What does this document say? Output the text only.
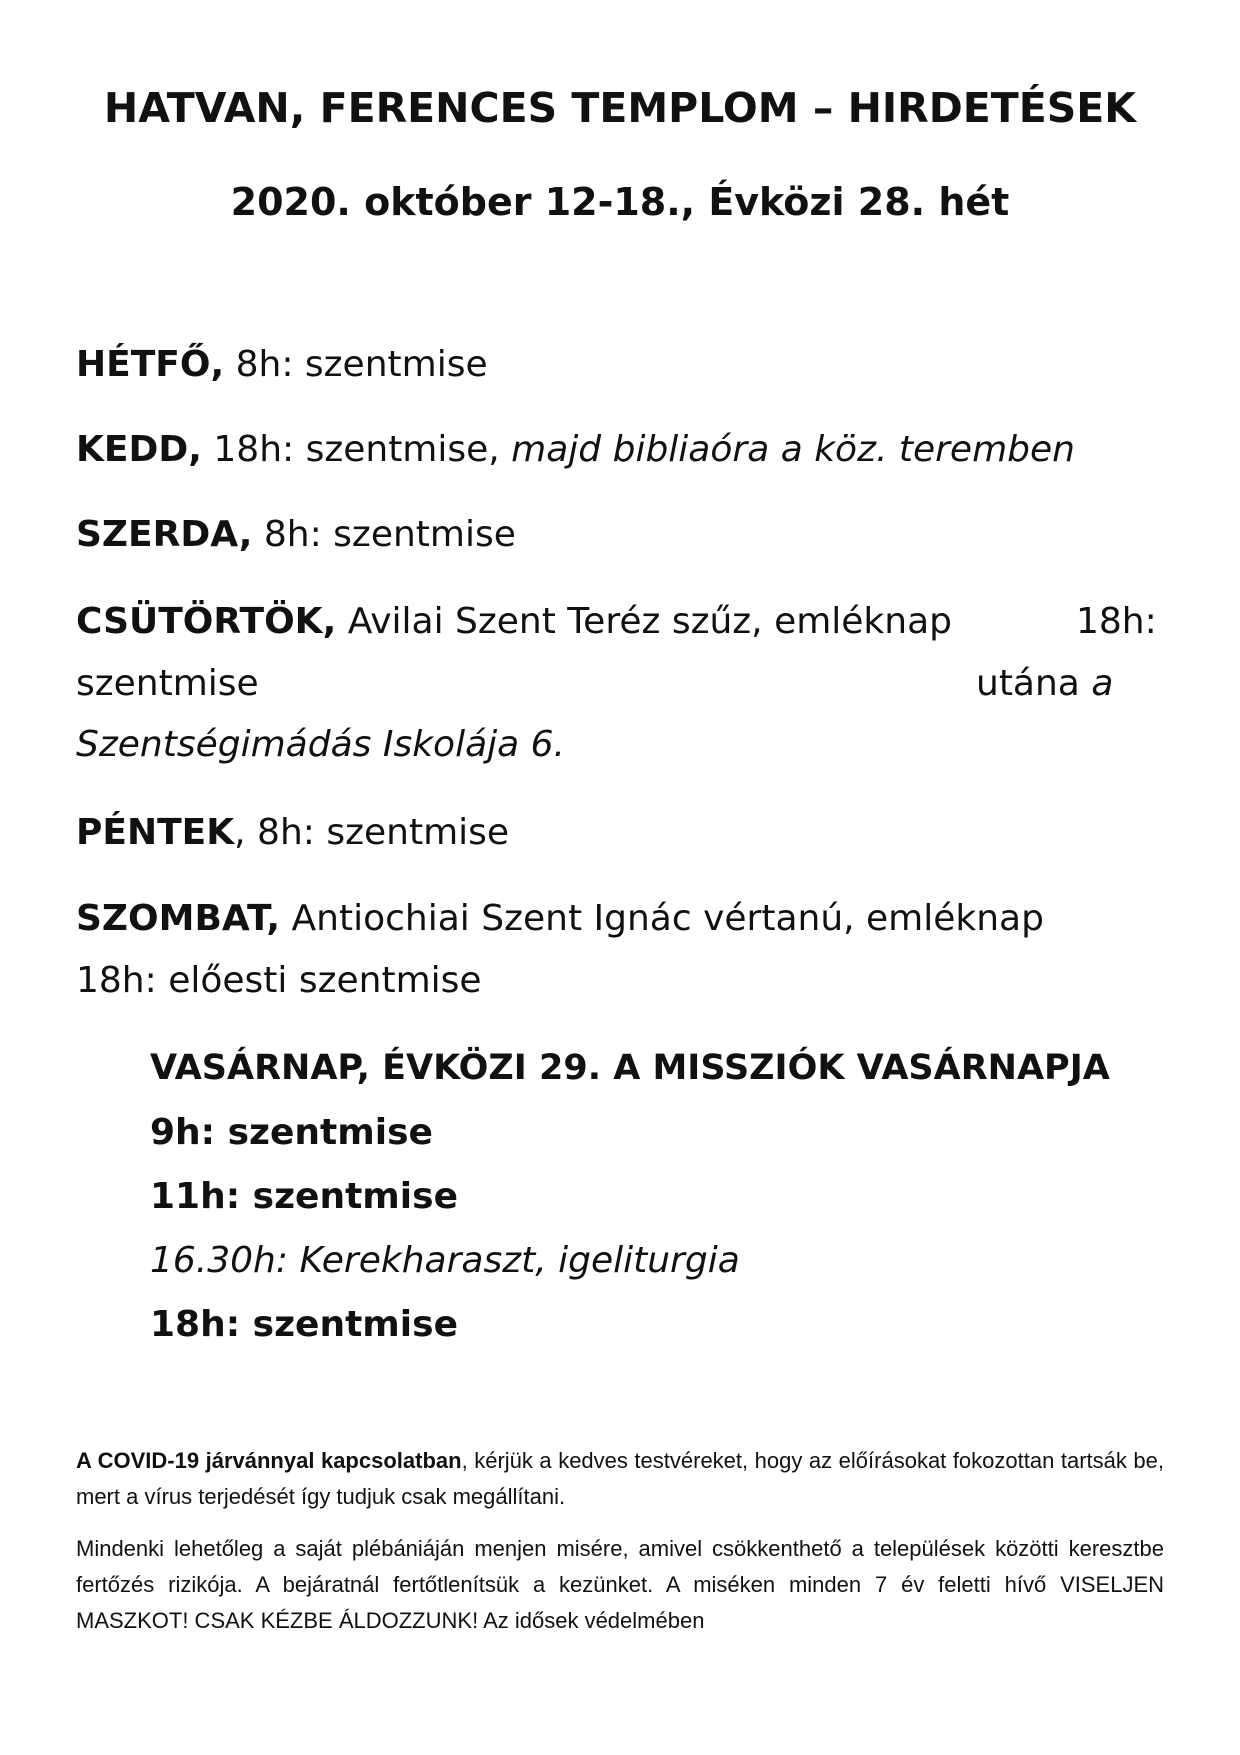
HATVAN, FERENCES TEMPLOM – HIRDETÉSEK
2020. október 12-18., Évközi 28. hét
HÉTFŐ, 8h: szentmise
KEDD, 18h: szentmise, majd bibliaóra a köz. teremben
SZERDA, 8h: szentmise
CSÜTÖRTÖK, Avilai Szent Teréz szűz, emléknap	18h:
szentmise	utána a
Szentségimádás Iskolája 6.
PÉNTEK, 8h: szentmise
SZOMBAT, Antiochiai Szent Ignác vértanú, emléknap
18h: előesti szentmise
VASÁRNAP, ÉVKÖZI 29. A MISSZIÓK VASÁRNAPJA
9h: szentmise
11h: szentmise
16.30h: Kerekharaszt, igeliturgia
18h: szentmise
A COVID-19 járvánnyal kapcsolatban, kérjük a kedves testvéreket, hogy az előírásokat fokozottan tartsák be, mert a vírus terjedését így tudjuk csak megállítani.
Mindenki lehetőleg a saját plébániáján menjen misére, amivel csökkenthető a települések közötti keresztbe fertőzés rizikója. A bejáratnál fertőtlenítsük a kezünket. A miséken minden 7 év feletti hívő VISELJEN MASZKOT! CSAK KÉZBE ÁLDOZZUNK! Az idősek védelmében
